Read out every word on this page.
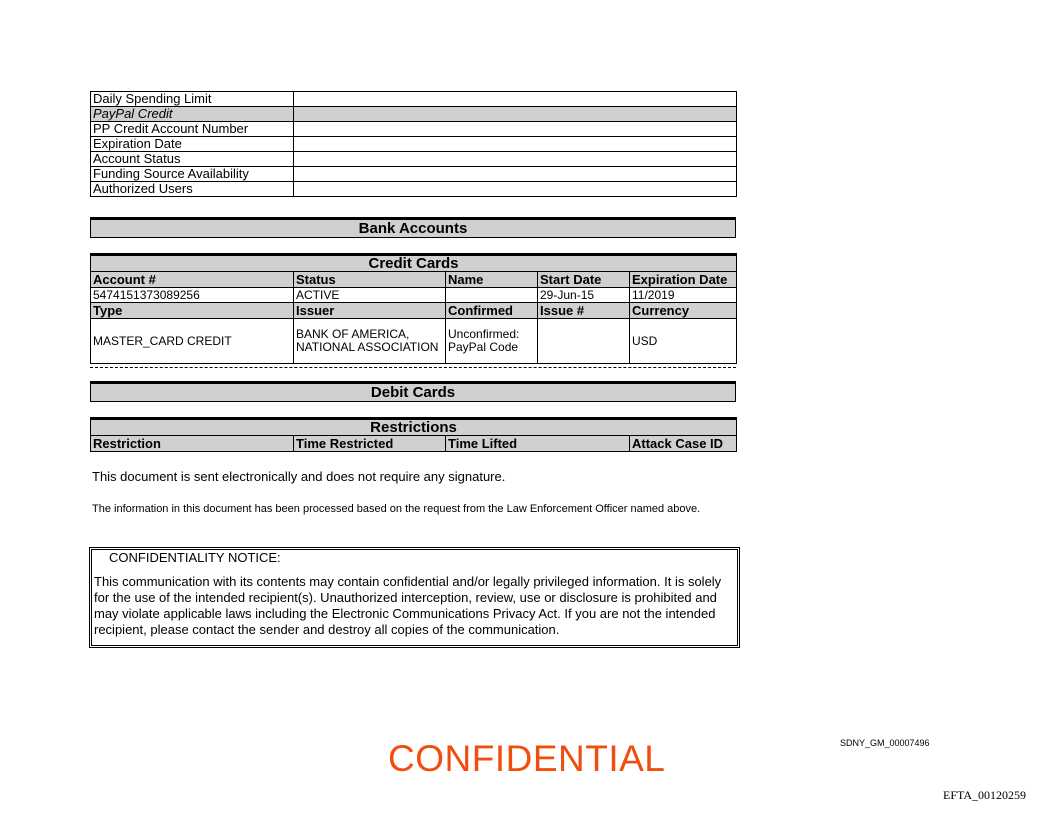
Daily Spending Limit	
PayPal Credit	
PP Credit Account Number	
Expiration Date	
Account Status	
Funding Source Availability	
Authorized Users	
Bank Accounts
Credit Cards				
Account #	Status	Name	Start Date	Expiration Date
5474151373089256	ACTIVE		29-Jun-15	11/2019
Type	Issuer	Confirmed	Issue #	Currency
MASTER_CARD CREDIT	BANK OF AMERICA, NATIONAL ASSOCIATION	Unconfirmed: PayPal Code		USD
Debit Cards
Restrictions
Restriction	Time Restricted	Time Lifted		Attack Case ID
This document is sent electronically and does not require any signature.
The information in this document has been processed based on the request from the Law Enforcement Officer named above.
CONFIDENTIALITY NOTICE:
This communication with its contents may contain confidential and/or legally privileged information. It is solely for the use of the intended recipient(s). Unauthorized interception, review, use or disclosure is prohibited and may violate applicable laws including the Electronic Communications Privacy Act. If you are not the intended recipient, please contact the sender and destroy all copies of the communication.
CONFIDENTIAL	SDNY_GM_00007496
EFTA_00120259
